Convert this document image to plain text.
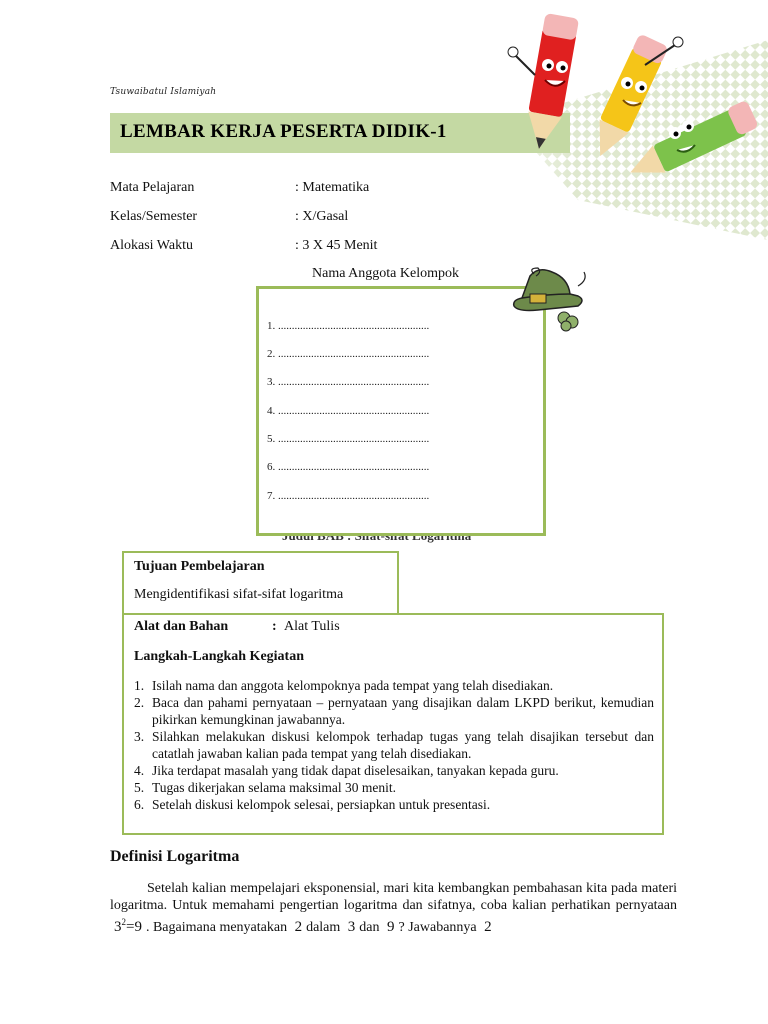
Tsuwaibatul Islamiyah
LEMBAR KERJA PESERTA DIDIK-1
Mata Pelajaran	: Matematika
Kelas/Semester	: X/Gasal
Alokasi Waktu	: 3 X 45 Menit
Nama Anggota Kelompok
1. .......................................................
2. .......................................................
3. .......................................................
4. .......................................................
5. .......................................................
6. .......................................................
7. .......................................................
Tujuan Pembelajaran
Mengidentifikasi sifat-sifat logaritma
Alat dan Bahan	: Alat Tulis
Langkah-Langkah Kegiatan
1. Isilah nama dan anggota kelompoknya pada tempat yang telah disediakan.
2. Baca dan pahami pernyataan – pernyataan yang disajikan dalam LKPD berikut, kemudian pikirkan kemungkinan jawabannya.
3. Silahkan melakukan diskusi kelompok terhadap tugas yang telah disajikan tersebut dan catatlah jawaban kalian pada tempat yang telah disediakan.
4. Jika terdapat masalah yang tidak dapat diselesaikan, tanyakan kepada guru.
5. Tugas dikerjakan selama maksimal 30 menit.
6. Setelah diskusi kelompok selesai, persiapkan untuk presentasi.
Definisi Logaritma
Setelah kalian mempelajari eksponensial, mari kita kembangkan pembahasan kita pada materi logaritma. Untuk memahami pengertian logaritma dan sifatnya, coba kalian perhatikan pernyataan $3^2=9$ . Bagaimana menyatakan 2 dalam 3 dan 9 ? Jawabannya 2
